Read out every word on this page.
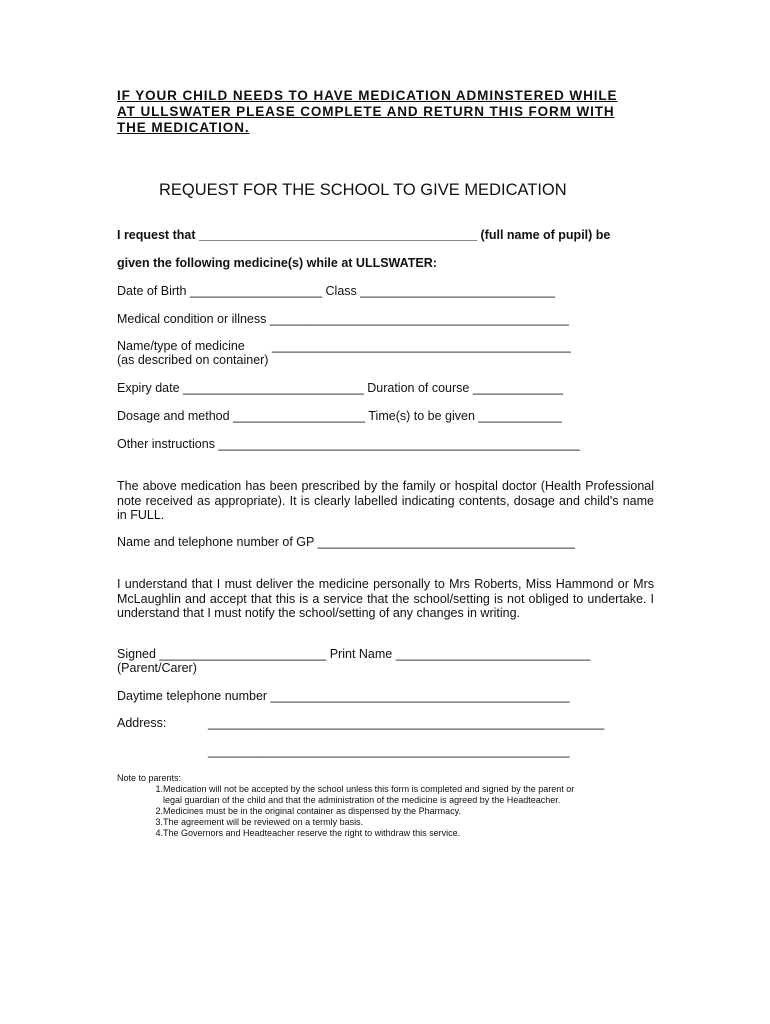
IF YOUR CHILD NEEDS TO HAVE MEDICATION ADMINSTERED WHILE
AT ULLSWATER PLEASE COMPLETE AND RETURN THIS FORM WITH
THE MEDICATION.
REQUEST FOR THE SCHOOL TO GIVE MEDICATION
I request that ________________________________________ (full name of pupil) be
given the following medicine(s) while at ULLSWATER:
Date of Birth ___________________ Class ____________________________
Medical condition or illness ___________________________________________
Name/type of medicine ___________________________________________
(as described on container)
Expiry date __________________________ Duration of course _____________
Dosage and method ___________________ Time(s) to be given ____________
Other instructions ____________________________________________________
The above medication has been prescribed by the family or hospital doctor (Health Professional note received as appropriate). It is clearly labelled indicating contents, dosage and child's name in FULL.
Name and telephone number of GP _____________________________________
I understand that I must deliver the medicine personally to Mrs Roberts, Miss Hammond or Mrs McLaughlin and accept that this is a service that the school/setting is not obliged to undertake. I understand that I must notify the school/setting of any changes in writing.
Signed ________________________ Print Name ____________________________
(Parent/Carer)
Daytime telephone number ___________________________________________
Address:	_________________________________________________________
____________________________________________________
Note to parents:
1. Medication will not be accepted by the school unless this form is completed and signed by the parent or
legal guardian of the child and that the administration of the medicine is agreed by the Headteacher.
2. Medicines must be in the original container as dispensed by the Pharmacy.
3. The agreement will be reviewed on a termly basis.
4. The Governors and Headteacher reserve the right to withdraw this service.
